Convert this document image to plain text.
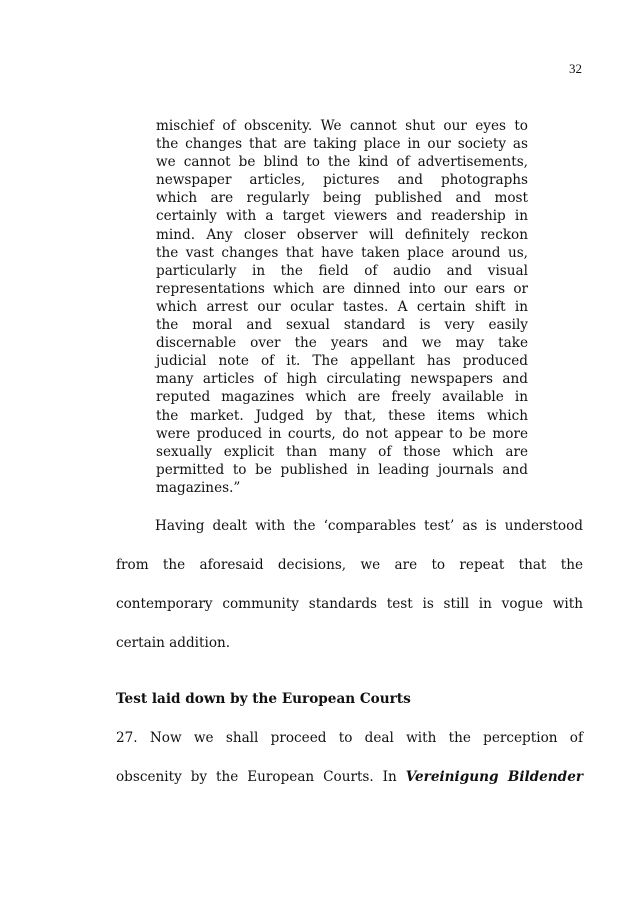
32
mischief of obscenity. We cannot shut our eyes to
the changes that are taking place in our society as
we cannot be blind to the kind of advertisements,
newspaper articles, pictures and photographs
which are regularly being published and most
certainly with a target viewers and readership in
mind. Any closer observer will definitely reckon
the vast changes that have taken place around us,
particularly in the field of audio and visual
representations which are dinned into our ears or
which arrest our ocular tastes. A certain shift in
the moral and sexual standard is very easily
discernable over the years and we may take
judicial note of it. The appellant has produced
many articles of high circulating newspapers and
reputed magazines which are freely available in
the market. Judged by that, these items which
were produced in courts, do not appear to be more
sexually explicit than many of those which are
permitted to be published in leading journals and
magazines.”
Having dealt with the ‘comparables test’ as is understood
from the aforesaid decisions, we are to repeat that the
contemporary community standards test is still in vogue with
certain addition.
Test laid down by the European Courts
27. Now we shall proceed to deal with the perception of
obscenity by the European Courts. In Vereinigung Bildender
